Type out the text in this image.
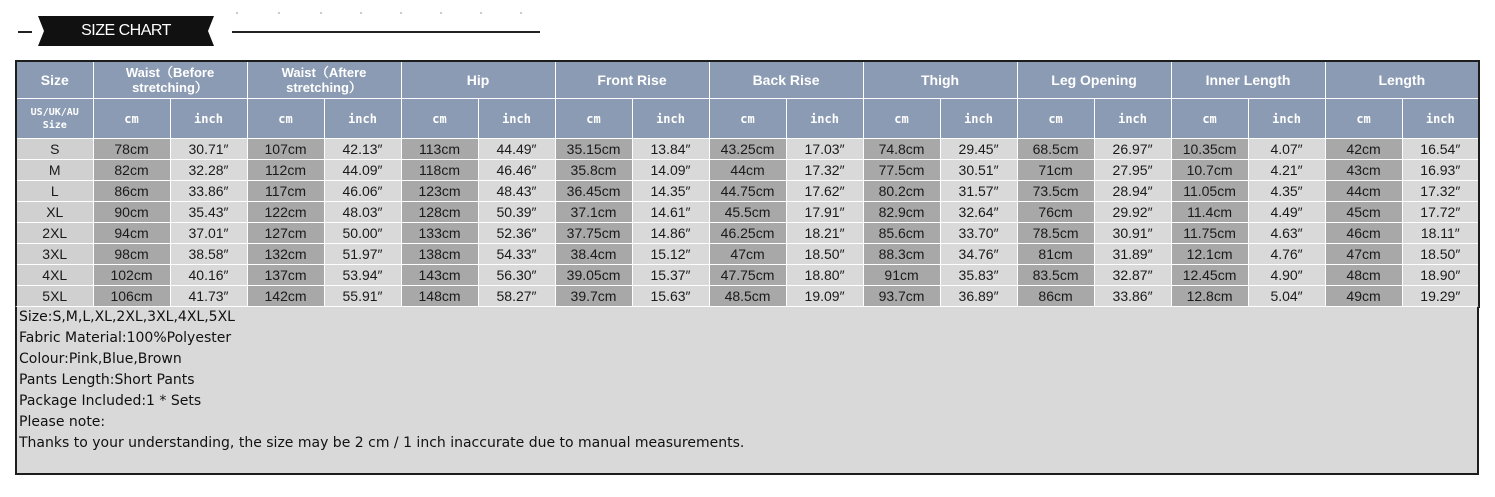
SIZE CHART
Size	Waist（Before stretching）		Waist（Aftere stretching）		Hip		Front Rise		Back Rise		Thigh		Leg Opening		Inner Length		Length	
US/UK/AU Size	cm	inch	cm	inch	cm	inch	cm	inch	cm	inch	cm	inch	cm	inch	cm	inch	cm	inch
S	78cm	30.71″	107cm	42.13″	113cm	44.49″	35.15cm	13.84″	43.25cm	17.03″	74.8cm	29.45″	68.5cm	26.97″	10.35cm	4.07″	42cm	16.54″
M	82cm	32.28″	112cm	44.09″	118cm	46.46″	35.8cm	14.09″	44cm	17.32″	77.5cm	30.51″	71cm	27.95″	10.7cm	4.21″	43cm	16.93″
L	86cm	33.86″	117cm	46.06″	123cm	48.43″	36.45cm	14.35″	44.75cm	17.62″	80.2cm	31.57″	73.5cm	28.94″	11.05cm	4.35″	44cm	17.32″
XL	90cm	35.43″	122cm	48.03″	128cm	50.39″	37.1cm	14.61″	45.5cm	17.91″	82.9cm	32.64″	76cm	29.92″	11.4cm	4.49″	45cm	17.72″
2XL	94cm	37.01″	127cm	50.00″	133cm	52.36″	37.75cm	14.86″	46.25cm	18.21″	85.6cm	33.70″	78.5cm	30.91″	11.75cm	4.63″	46cm	18.11″
3XL	98cm	38.58″	132cm	51.97″	138cm	54.33″	38.4cm	15.12″	47cm	18.50″	88.3cm	34.76″	81cm	31.89″	12.1cm	4.76″	47cm	18.50″
4XL	102cm	40.16″	137cm	53.94″	143cm	56.30″	39.05cm	15.37″	47.75cm	18.80″	91cm	35.83″	83.5cm	32.87″	12.45cm	4.90″	48cm	18.90″
5XL	106cm	41.73″	142cm	55.91″	148cm	58.27″	39.7cm	15.63″	48.5cm	19.09″	93.7cm	36.89″	86cm	33.86″	12.8cm	5.04″	49cm	19.29″

Size:S,M,L,XL,2XL,3XL,4XL,5XL

Fabric Material:100%Polyester

Colour:Pink,Blue,Brown

Pants Length:Short Pants

Package Included:1 * Sets

Please note:

Thanks to your understanding, the size may be 2 cm / 1 inch inaccurate due to manual measurements.
